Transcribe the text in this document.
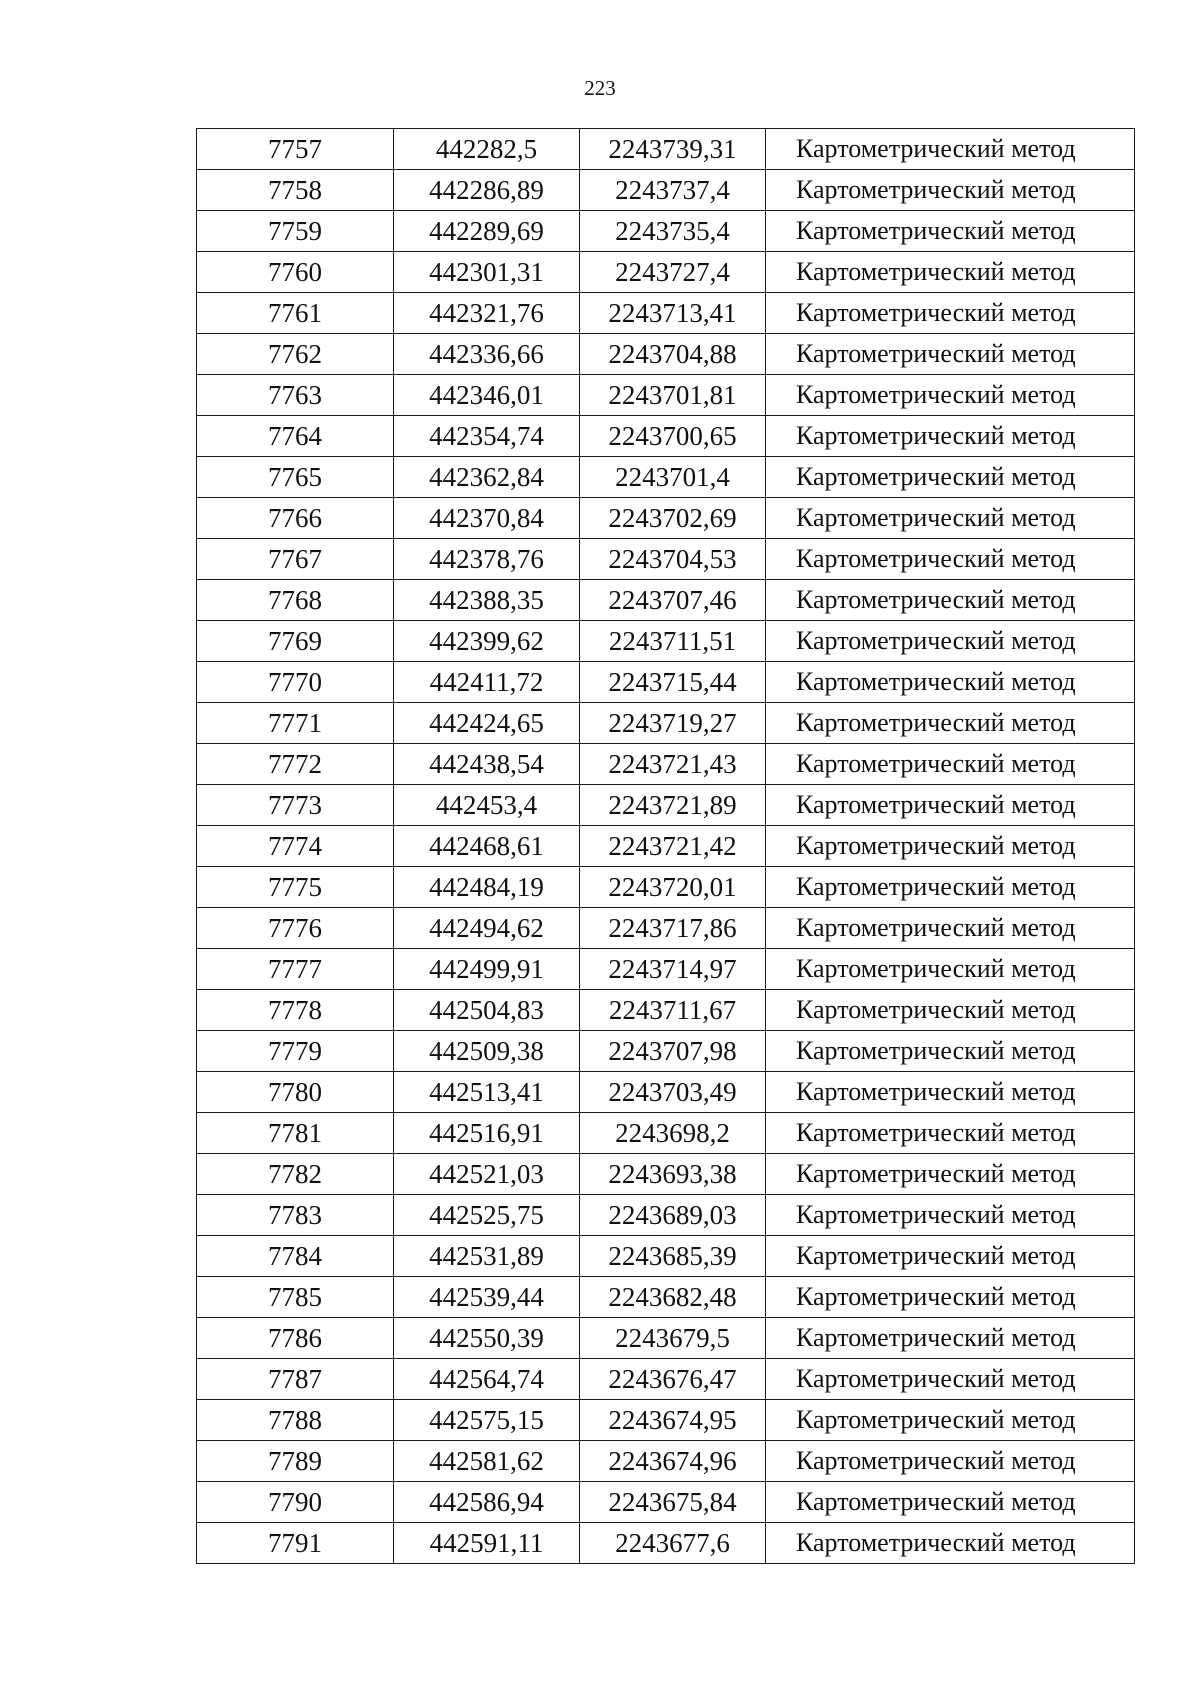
223
7757	442282,5	2243739,31	Картометрический метод
7758	442286,89	2243737,4	Картометрический метод
7759	442289,69	2243735,4	Картометрический метод
7760	442301,31	2243727,4	Картометрический метод
7761	442321,76	2243713,41	Картометрический метод
7762	442336,66	2243704,88	Картометрический метод
7763	442346,01	2243701,81	Картометрический метод
7764	442354,74	2243700,65	Картометрический метод
7765	442362,84	2243701,4	Картометрический метод
7766	442370,84	2243702,69	Картометрический метод
7767	442378,76	2243704,53	Картометрический метод
7768	442388,35	2243707,46	Картометрический метод
7769	442399,62	2243711,51	Картометрический метод
7770	442411,72	2243715,44	Картометрический метод
7771	442424,65	2243719,27	Картометрический метод
7772	442438,54	2243721,43	Картометрический метод
7773	442453,4	2243721,89	Картометрический метод
7774	442468,61	2243721,42	Картометрический метод
7775	442484,19	2243720,01	Картометрический метод
7776	442494,62	2243717,86	Картометрический метод
7777	442499,91	2243714,97	Картометрический метод
7778	442504,83	2243711,67	Картометрический метод
7779	442509,38	2243707,98	Картометрический метод
7780	442513,41	2243703,49	Картометрический метод
7781	442516,91	2243698,2	Картометрический метод
7782	442521,03	2243693,38	Картометрический метод
7783	442525,75	2243689,03	Картометрический метод
7784	442531,89	2243685,39	Картометрический метод
7785	442539,44	2243682,48	Картометрический метод
7786	442550,39	2243679,5	Картометрический метод
7787	442564,74	2243676,47	Картометрический метод
7788	442575,15	2243674,95	Картометрический метод
7789	442581,62	2243674,96	Картометрический метод
7790	442586,94	2243675,84	Картометрический метод
7791	442591,11	2243677,6	Картометрический метод
